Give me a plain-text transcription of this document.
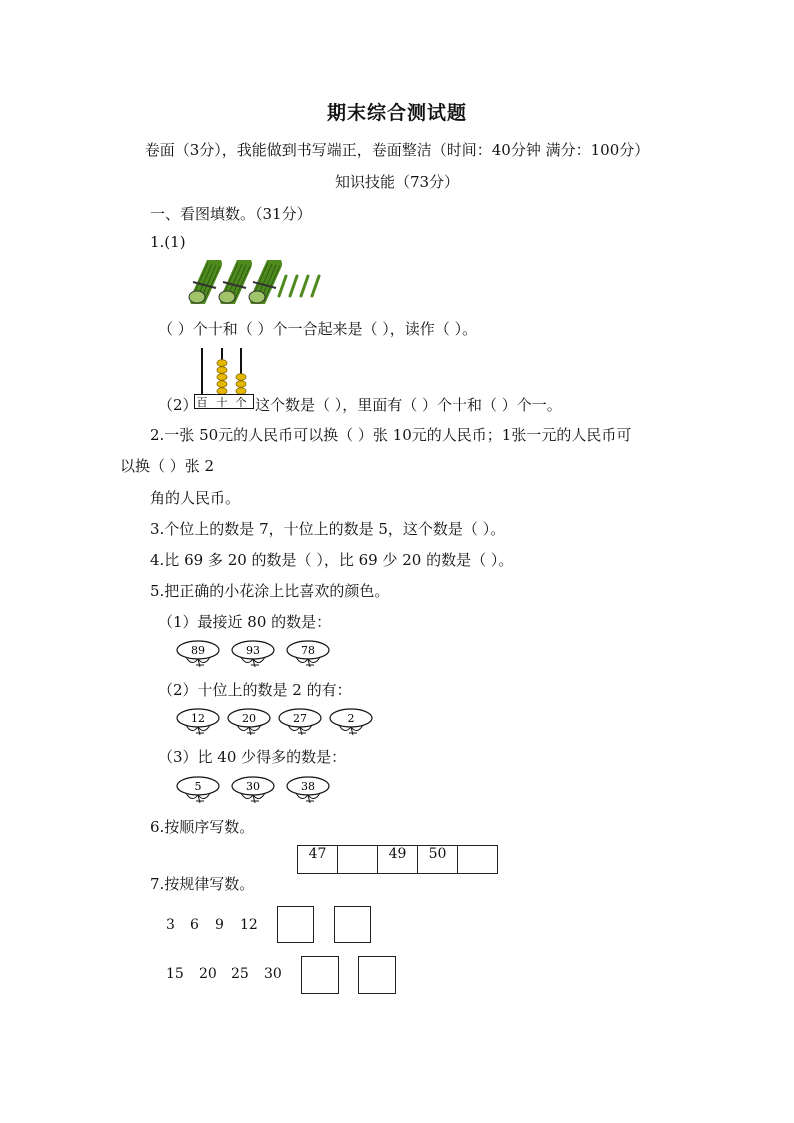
期末综合测试题
卷面（3分），我能做到书写端正，卷面整洁（时间：40分钟 满分：100分）
知识技能（73分）
一、看图填数。（31分）
1.(1)
（ ）个十和（ ）个一合起来是（ ），读作（ ）。
百 十 个
（2）	这个数是（ ），里面有（ ）个十和（ ）个一。
2.一张 50元的人民币可以换（ ）张 10元的人民币；1张一元的人民币可
以换（ ）张 2
角的人民币。
3.个位上的数是 7，十位上的数是 5，这个数是（ ）。
4.比 69 多 20 的数是（ ），比 69 少 20 的数是（ ）。
5.把正确的小花涂上比喜欢的颜色。
（1）最接近 80 的数是：
89	93	78
（2）十位上的数是 2 的有：
12	20	27	2
（3）比 40 少得多的数是：
5	30	38
6.按顺序写数。
47		49	50	
7.按规律写数。
3 6 9 12
15 20 25 30
